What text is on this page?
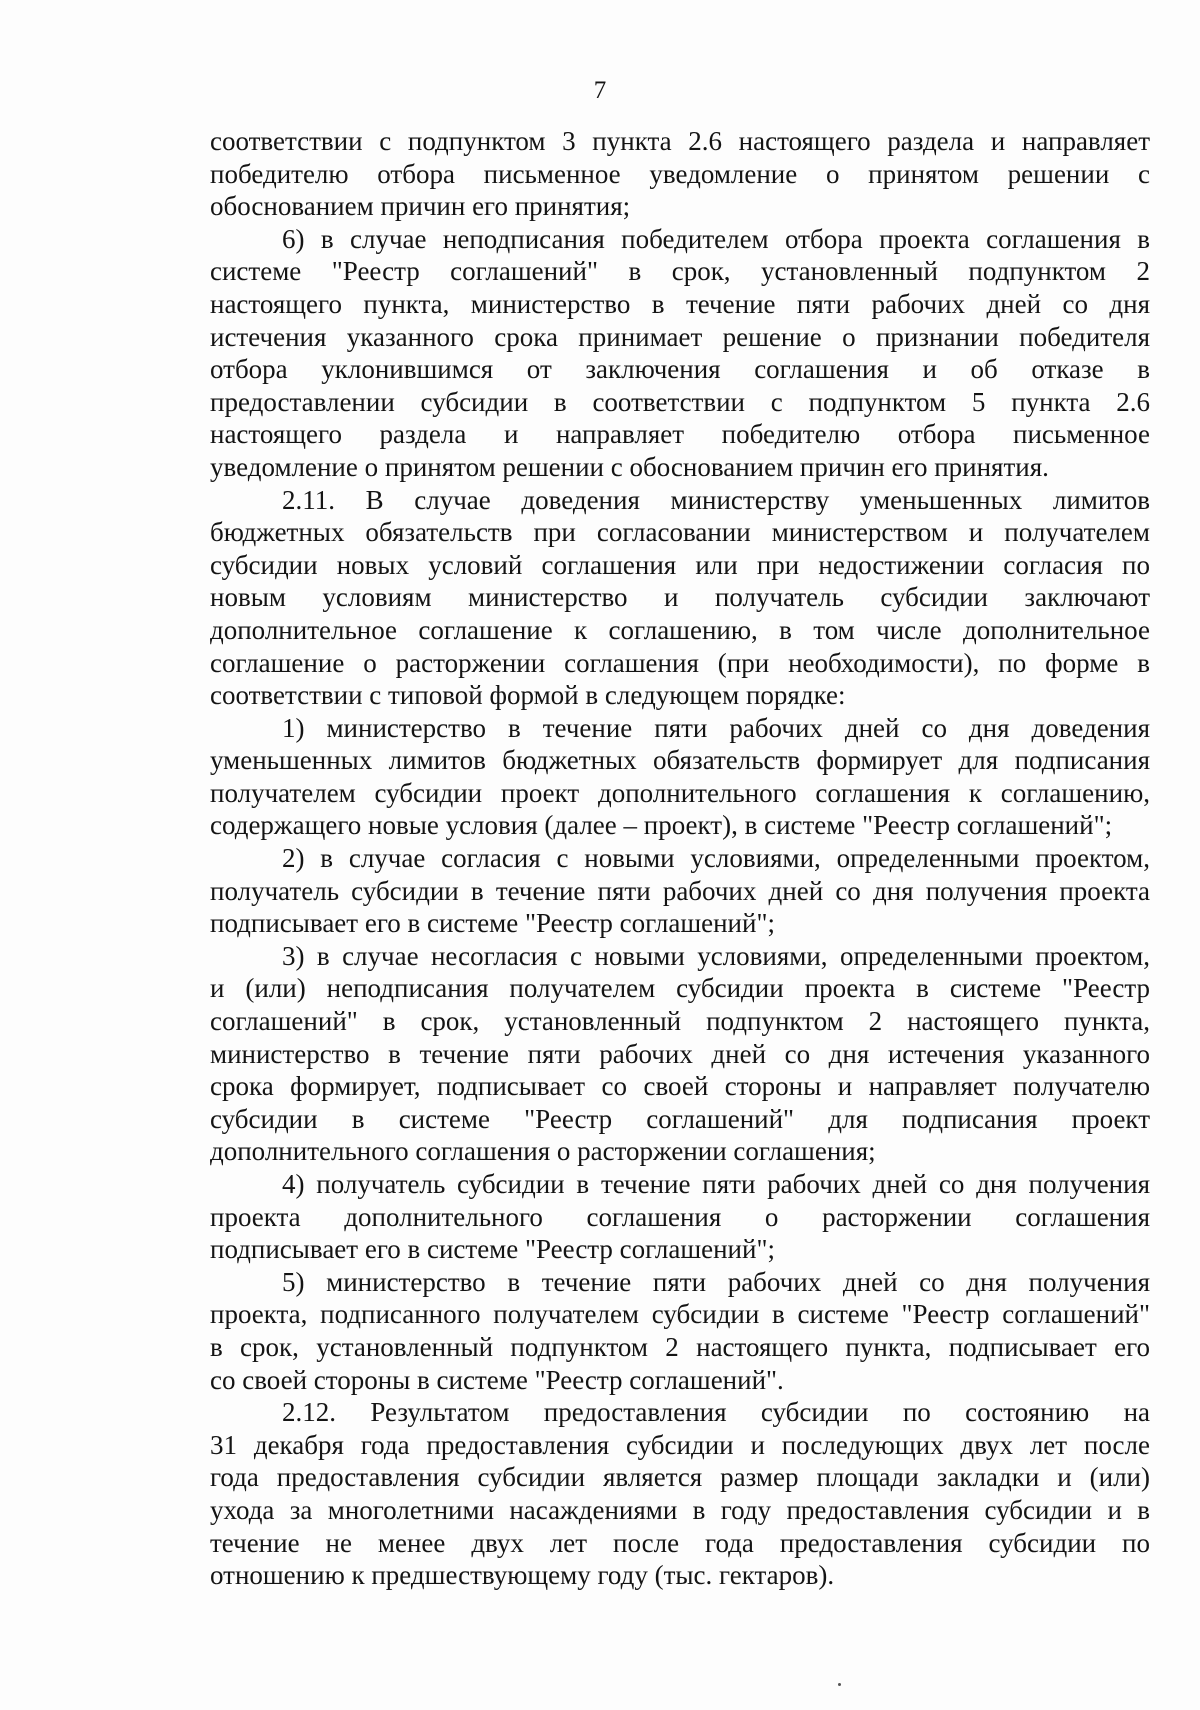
7
соответствии с подпунктом 3 пункта 2.6 настоящего раздела и направляет
победителю отбора письменное уведомление о принятом решении с
обоснованием причин его принятия;
6) в случае неподписания победителем отбора проекта соглашения в
системе "Реестр соглашений" в срок, установленный подпунктом 2
настоящего пункта, министерство в течение пяти рабочих дней со дня
истечения указанного срока принимает решение о признании победителя
отбора уклонившимся от заключения соглашения и об отказе в
предоставлении субсидии в соответствии с подпунктом 5 пункта 2.6
настоящего раздела и направляет победителю отбора письменное
уведомление о принятом решении с обоснованием причин его принятия.
2.11. В случае доведения министерству уменьшенных лимитов
бюджетных обязательств при согласовании министерством и получателем
субсидии новых условий соглашения или при недостижении согласия по
новым условиям министерство и получатель субсидии заключают
дополнительное соглашение к соглашению, в том числе дополнительное
соглашение о расторжении соглашения (при необходимости), по форме в
соответствии с типовой формой в следующем порядке:
1) министерство в течение пяти рабочих дней со дня доведения
уменьшенных лимитов бюджетных обязательств формирует для подписания
получателем субсидии проект дополнительного соглашения к соглашению,
содержащего новые условия (далее – проект), в системе "Реестр соглашений";
2) в случае согласия с новыми условиями, определенными проектом,
получатель субсидии в течение пяти рабочих дней со дня получения проекта
подписывает его в системе "Реестр соглашений";
3) в случае несогласия с новыми условиями, определенными проектом,
и (или) неподписания получателем субсидии проекта в системе "Реестр
соглашений" в срок, установленный подпунктом 2 настоящего пункта,
министерство в течение пяти рабочих дней со дня истечения указанного
срока формирует, подписывает со своей стороны и направляет получателю
субсидии в системе "Реестр соглашений" для подписания проект
дополнительного соглашения о расторжении соглашения;
4) получатель субсидии в течение пяти рабочих дней со дня получения
проекта дополнительного соглашения о расторжении соглашения
подписывает его в системе "Реестр соглашений";
5) министерство в течение пяти рабочих дней со дня получения
проекта, подписанного получателем субсидии в системе "Реестр соглашений"
в срок, установленный подпунктом 2 настоящего пункта, подписывает его
со своей стороны в системе "Реестр соглашений".
2.12. Результатом предоставления субсидии по состоянию на
31 декабря года предоставления субсидии и последующих двух лет после
года предоставления субсидии является размер площади закладки и (или)
ухода за многолетними насаждениями в году предоставления субсидии и в
течение не менее двух лет после года предоставления субсидии по
отношению к предшествующему году (тыс. гектаров).
